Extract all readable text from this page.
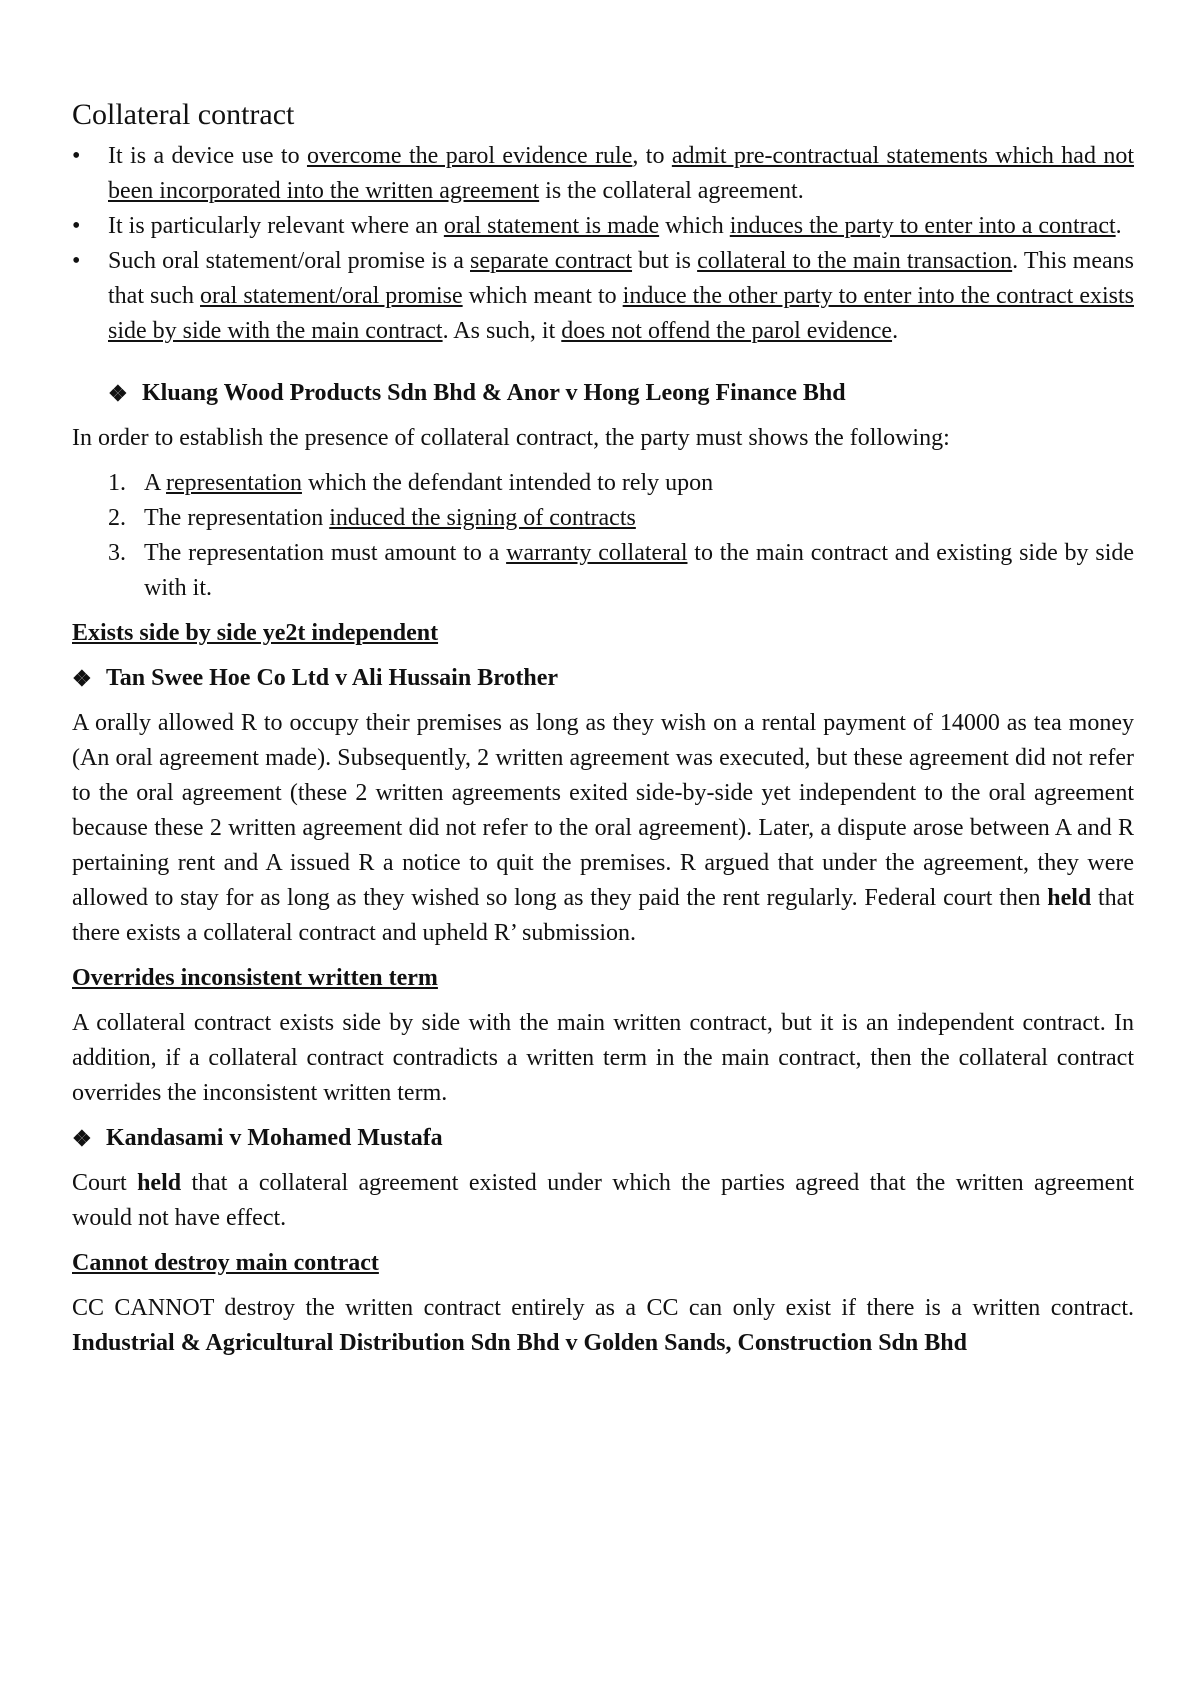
Collateral contract
• It is a device use to overcome the parol evidence rule, to admit pre-contractual statements which had not been incorporated into the written agreement is the collateral agreement.
• It is particularly relevant where an oral statement is made which induces the party to enter into a contract.
• Such oral statement/oral promise is a separate contract but is collateral to the main transaction. This means that such oral statement/oral promise which meant to induce the other party to enter into the contract exists side by side with the main contract. As such, it does not offend the parol evidence.
❖ Kluang Wood Products Sdn Bhd & Anor v Hong Leong Finance Bhd

In order to establish the presence of collateral contract, the party must shows the following:

1. A representation which the defendant intended to rely upon
2. The representation induced the signing of contracts
3. The representation must amount to a warranty collateral to the main contract and existing side by side with it.
Exists side by side ye2t independent
❖ Tan Swee Hoe Co Ltd v Ali Hussain Brother

A orally allowed R to occupy their premises as long as they wish on a rental payment of 14000 as tea money (An oral agreement made). Subsequently, 2 written agreement was executed, but these agreement did not refer to the oral agreement (these 2 written agreements exited side-by-side yet independent to the oral agreement because these 2 written agreement did not refer to the oral agreement). Later, a dispute arose between A and R pertaining rent and A issued R a notice to quit the premises. R argued that under the agreement, they were allowed to stay for as long as they wished so long as they paid the rent regularly. Federal court then held that there exists a collateral contract and upheld R’ submission.

Overrides inconsistent written term

A collateral contract exists side by side with the main written contract, but it is an independent contract. In addition, if a collateral contract contradicts a written term in the main contract, then the collateral contract overrides the inconsistent written term.

❖ Kandasami v Mohamed Mustafa

Court held that a collateral agreement existed under which the parties agreed that the written agreement would not have effect.

Cannot destroy main contract

CC CANNOT destroy the written contract entirely as a CC can only exist if there is a written contract. Industrial & Agricultural Distribution Sdn Bhd v Golden Sands, Construction Sdn Bhd
